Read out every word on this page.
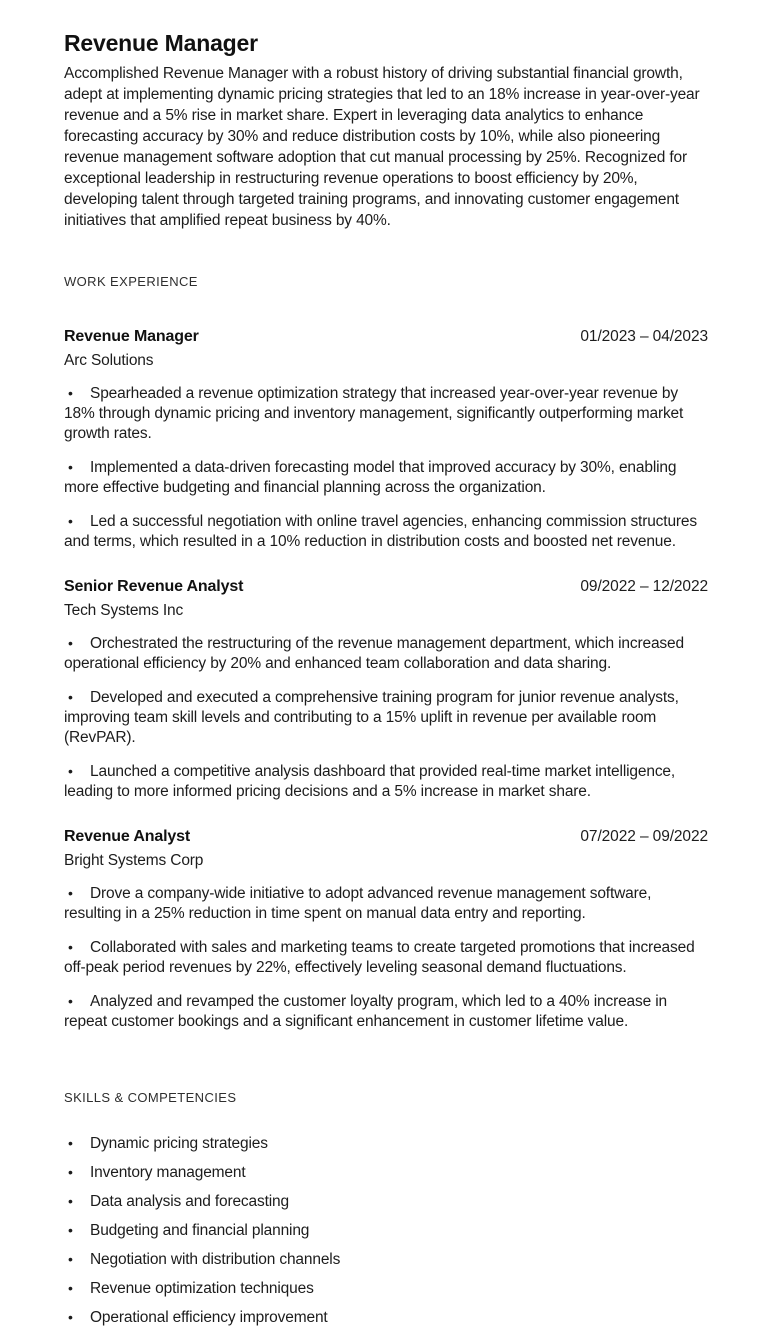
Revenue Manager

Accomplished Revenue Manager with a robust history of driving substantial financial growth, adept at implementing dynamic pricing strategies that led to an 18% increase in year-over-year revenue and a 5% rise in market share. Expert in leveraging data analytics to enhance forecasting accuracy by 30% and reduce distribution costs by 10%, while also pioneering revenue management software adoption that cut manual processing by 25%. Recognized for exceptional leadership in restructuring revenue operations to boost efficiency by 20%, developing talent through targeted training programs, and innovating customer engagement initiatives that amplified repeat business by 40%.

WORK EXPERIENCE
Revenue Manager	01/2023 – 04/2023
Arc Solutions

• Spearheaded a revenue optimization strategy that increased year-over-year revenue by 18% through dynamic pricing and inventory management, significantly outperforming market growth rates.

• Implemented a data-driven forecasting model that improved accuracy by 30%, enabling more effective budgeting and financial planning across the organization.

• Led a successful negotiation with online travel agencies, enhancing commission structures and terms, which resulted in a 10% reduction in distribution costs and boosted net revenue.

Senior Revenue Analyst	09/2022 – 12/2022
Tech Systems Inc

• Orchestrated the restructuring of the revenue management department, which increased operational efficiency by 20% and enhanced team collaboration and data sharing.

• Developed and executed a comprehensive training program for junior revenue analysts, improving team skill levels and contributing to a 15% uplift in revenue per available room (RevPAR).

• Launched a competitive analysis dashboard that provided real-time market intelligence, leading to more informed pricing decisions and a 5% increase in market share.

Revenue Analyst	07/2022 – 09/2022
Bright Systems Corp

• Drove a company-wide initiative to adopt advanced revenue management software, resulting in a 25% reduction in time spent on manual data entry and reporting.

• Collaborated with sales and marketing teams to create targeted promotions that increased off-peak period revenues by 22%, effectively leveling seasonal demand fluctuations.

• Analyzed and revamped the customer loyalty program, which led to a 40% increase in repeat customer bookings and a significant enhancement in customer lifetime value.

SKILLS & COMPETENCIES

• Dynamic pricing strategies

• Inventory management

• Data analysis and forecasting

• Budgeting and financial planning

• Negotiation with distribution channels

• Revenue optimization techniques

• Operational efficiency improvement
